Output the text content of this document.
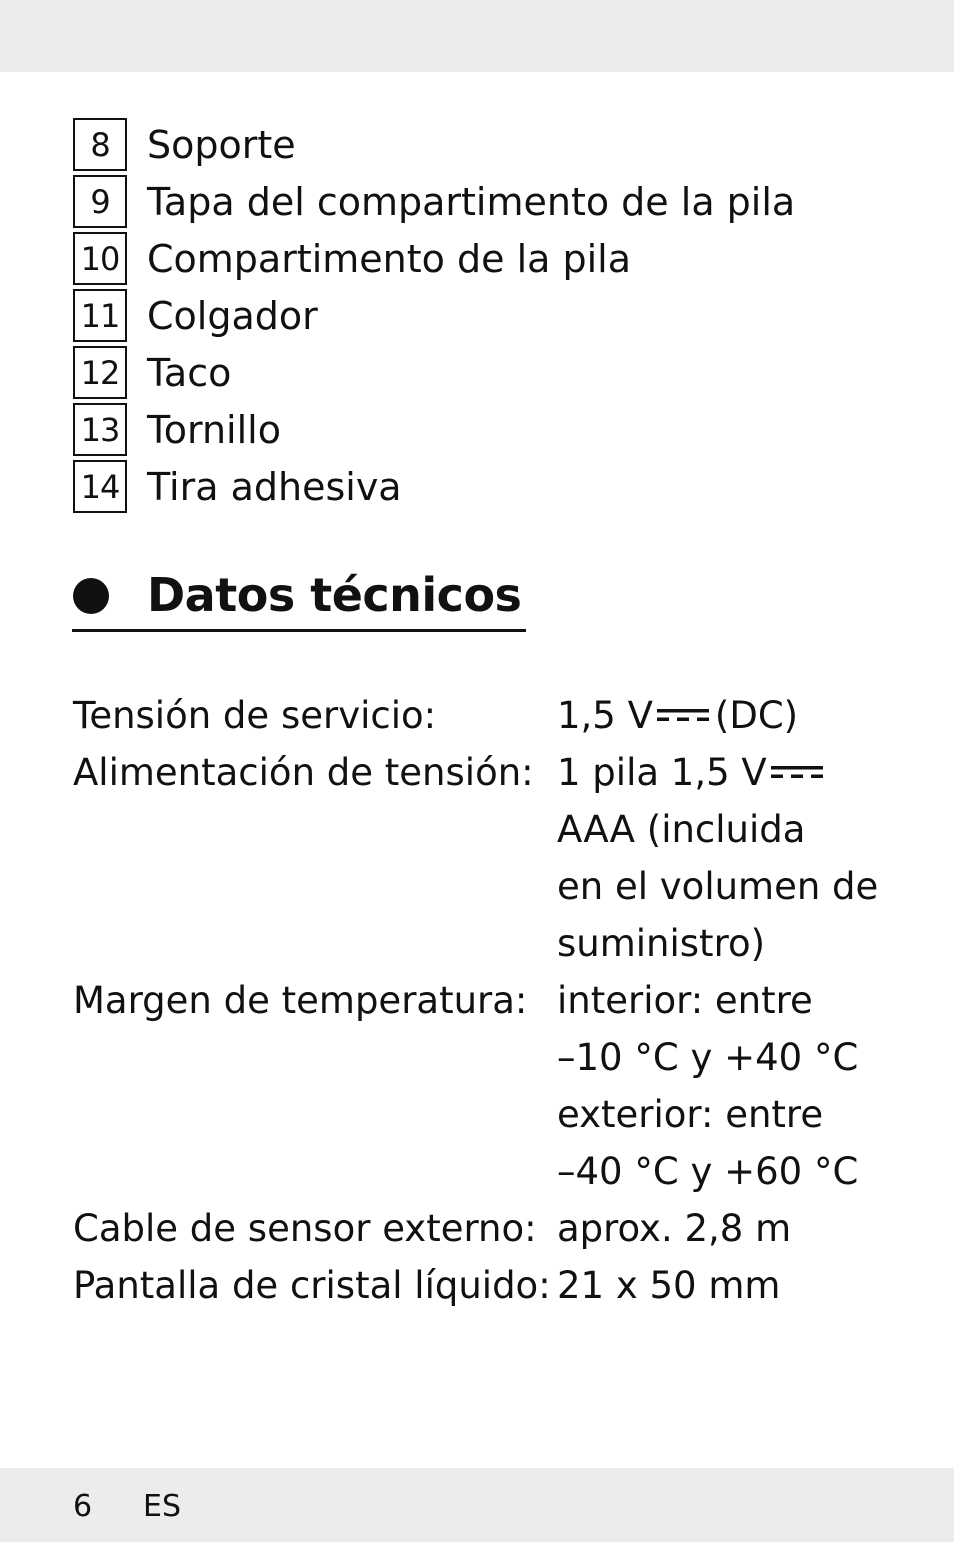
8 Soporte
9 Tapa del compartimento de la pila
10 Compartimento de la pila
11 Colgador
12 Taco
13 Tornillo
14 Tira adhesiva
Datos técnicos
Tensión de servicio:	1,5 V (DC)
Alimentación de tensión: 1 pila 1,5 V
AAA (incluida
en el volumen de
suministro)
Margen de temperatura: interior: entre
–10 °C y +40 °C
exterior: entre
–40 °C y +60 °C
Cable de sensor externo: aprox. 2,8 m
Pantalla de cristal líquido: 21 x 50 mm
6 ES
